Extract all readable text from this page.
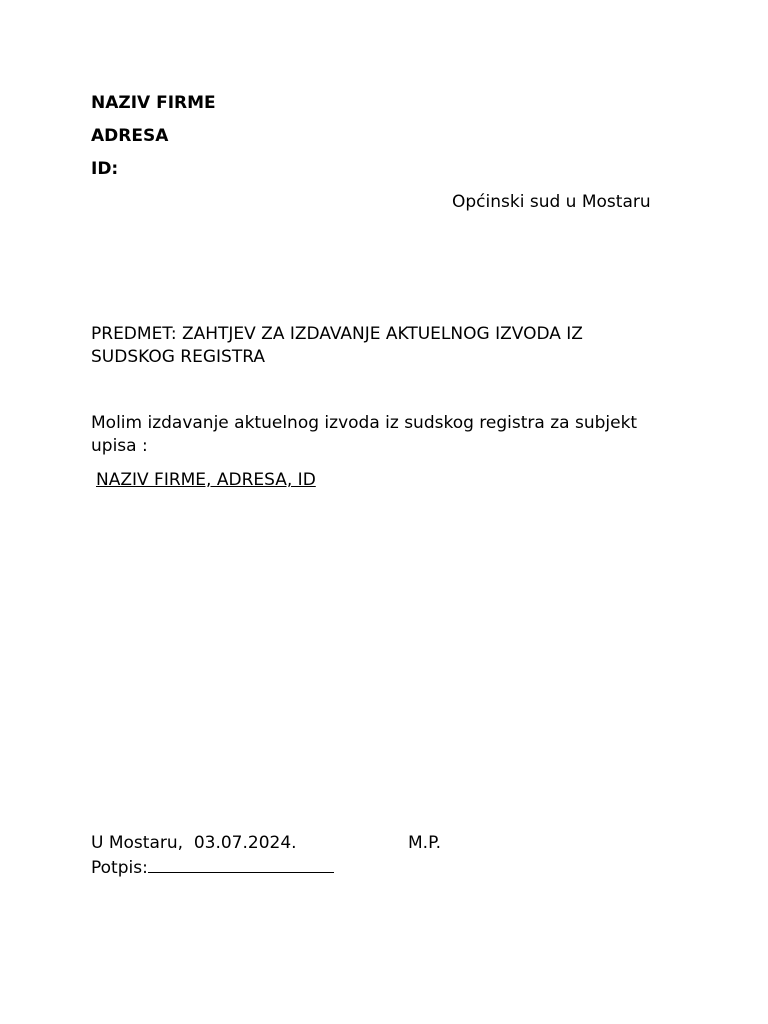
NAZIV FIRME
ADRESA
ID:
Općinski sud u Mostaru
PREDMET: ZAHTJEV ZA IZDAVANJE AKTUELNOG IZVODA IZ
SUDSKOG REGISTRA
Molim izdavanje aktuelnog izvoda iz sudskog registra za subjekt
upisa :
NAZIV FIRME, ADRESA, ID
U Mostaru,  03.07.2024.	M.P.
Potpis:
